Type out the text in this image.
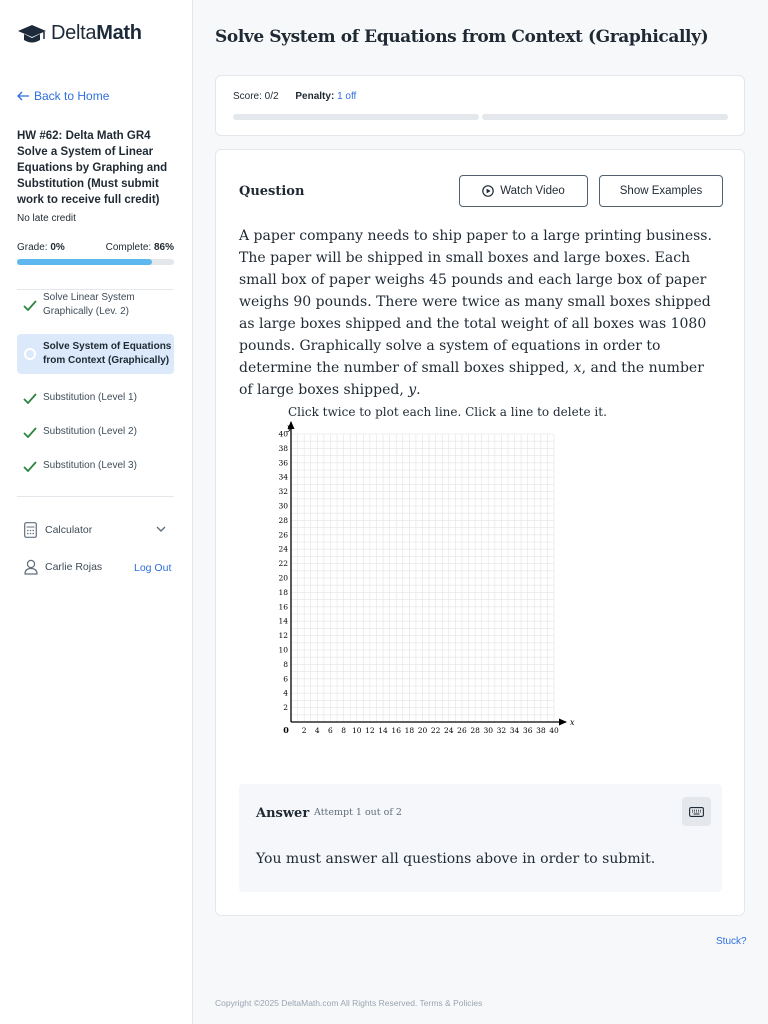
DeltaMath
Back to Home
HW #62: Delta Math GR4 Solve a System of Linear Equations by Graphing and Substitution (Must submit work to receive full credit)
No late credit
Grade: 0%	Complete: 86%
Solve Linear System Graphically (Lev. 2)
Solve System of Equations from Context (Graphically)
Substitution (Level 1)
Substitution (Level 2)
Substitution (Level 3)
Calculator
Carlie Rojas	Log Out
Solve System of Equations from Context (Graphically)
Score: 0/2 Penalty: 1 off
Question	Watch Video	Show Examples
A paper company needs to ship paper to a large printing business. The paper will be shipped in small boxes and large boxes. Each small box of paper weighs 45 pounds and each large box of paper weighs 90 pounds. There were twice as many small boxes shipped as large boxes shipped and the total weight of all boxes was 1080 pounds. Graphically solve a system of equations in order to determine the number of small boxes shipped, x, and the number of large boxes shipped, y.
x
y
2 4 6 8 10 12 14 16 18 20 22 24 26 28 30 32 34 36 38 40
2
4
6
8
10
12
14
16
18
20
22
24
26
28
30
32
34
36
38
40
0
Click twice to plot each line. Click a line to delete it.
Answer Attempt 1 out of 2
You must answer all questions above in order to submit.
Stuck?
Copyright ©2025 DeltaMath.com All Rights Reserved. Terms & Policies
